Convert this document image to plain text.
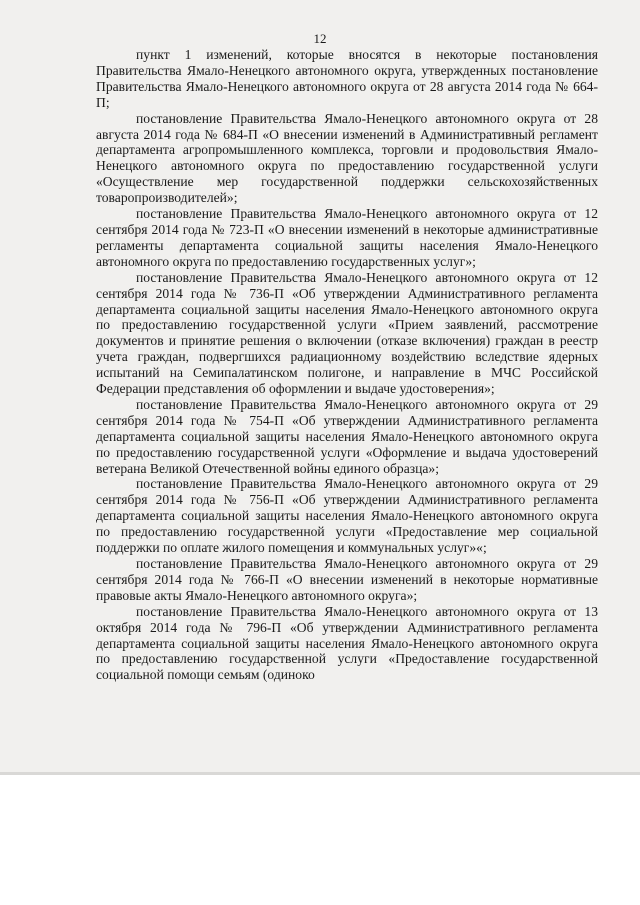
12

пункт 1 изменений, которые вносятся в некоторые постановления Правительства Ямало-Ненецкого автономного округа, утвержденных постановление Правительства Ямало-Ненецкого автономного округа от 28 августа 2014 года № 664-П;

постановление Правительства Ямало-Ненецкого автономного округа от 28 августа 2014 года № 684-П «О внесении изменений в Административный регламент департамента агропромышленного комплекса, торговли и продовольствия Ямало-Ненецкого автономного округа по предоставлению государственной услуги «Осуществление мер государственной поддержки сельскохозяйственных товаропроизводителей»;

постановление Правительства Ямало-Ненецкого автономного округа от 12 сентября 2014 года № 723-П «О внесении изменений в некоторые административные регламенты департамента социальной защиты населения Ямало-Ненецкого автономного округа по предоставлению государственных услуг»;

постановление Правительства Ямало-Ненецкого автономного округа от 12 сентября 2014 года № 736-П «Об утверждении Административного регламента департамента социальной защиты населения Ямало-Ненецкого автономного округа по предоставлению государственной услуги «Прием заявлений, рассмотрение документов и принятие решения о включении (отказе включения) граждан в реестр учета граждан, подвергшихся радиационному воздействию вследствие ядерных испытаний на Семипалатинском полигоне, и направление в МЧС Российской Федерации представления об оформлении и выдаче удостоверения»;

постановление Правительства Ямало-Ненецкого автономного округа от 29 сентября 2014 года № 754-П «Об утверждении Административного регламента департамента социальной защиты населения Ямало-Ненецкого автономного округа по предоставлению государственной услуги «Оформление и выдача удостоверений ветерана Великой Отечественной войны единого образца»;

постановление Правительства Ямало-Ненецкого автономного округа от 29 сентября 2014 года № 756-П «Об утверждении Административного регламента департамента социальной защиты населения Ямало-Ненецкого автономного округа по предоставлению государственной услуги «Предоставление мер социальной поддержки по оплате жилого помещения и коммунальных услуг»«;

постановление Правительства Ямало-Ненецкого автономного округа от 29 сентября 2014 года № 766-П «О внесении изменений в некоторые нормативные правовые акты Ямало-Ненецкого автономного округа»;

постановление Правительства Ямало-Ненецкого автономного округа от 13 октября 2014 года № 796-П «Об утверждении Административного регламента департамента социальной защиты населения Ямало-Ненецкого автономного округа по предоставлению государственной услуги «Предоставление государственной социальной помощи семьям (одиноко
